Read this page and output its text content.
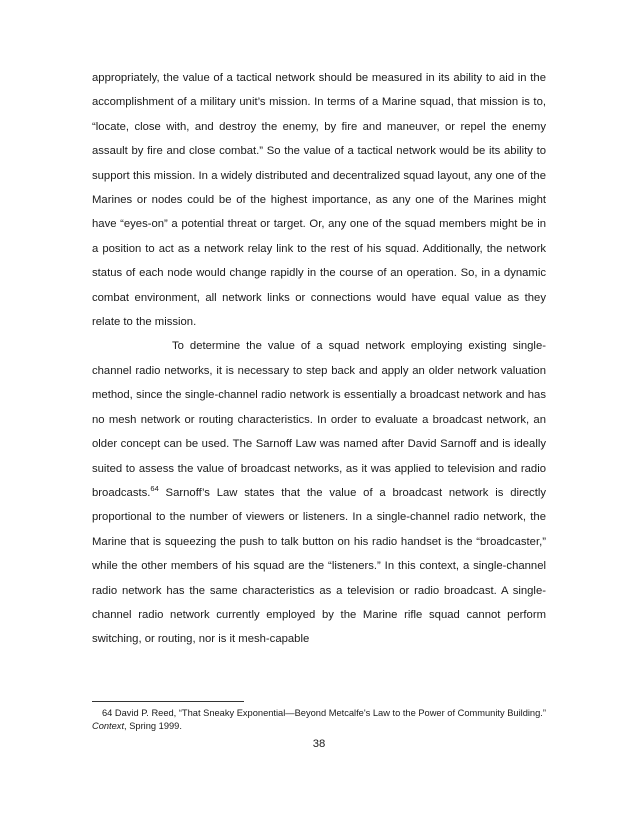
appropriately, the value of a tactical network should be measured in its ability to aid in the accomplishment of a military unit’s mission. In terms of a Marine squad, that mission is to, “locate, close with, and destroy the enemy, by fire and maneuver, or repel the enemy assault by fire and close combat.” So the value of a tactical network would be its ability to support this mission. In a widely distributed and decentralized squad layout, any one of the Marines or nodes could be of the highest importance, as any one of the Marines might have “eyes-on” a potential threat or target. Or, any one of the squad members might be in a position to act as a network relay link to the rest of his squad. Additionally, the network status of each node would change rapidly in the course of an operation. So, in a dynamic combat environment, all network links or connections would have equal value as they relate to the mission.

To determine the value of a squad network employing existing single-channel radio networks, it is necessary to step back and apply an older network valuation method, since the single-channel radio network is essentially a broadcast network and has no mesh network or routing characteristics. In order to evaluate a broadcast network, an older concept can be used. The Sarnoff Law was named after David Sarnoff and is ideally suited to assess the value of broadcast networks, as it was applied to television and radio broadcasts.$^{64}$ Sarnoff’s Law states that the value of a broadcast network is directly proportional to the number of viewers or listeners. In a single-channel radio network, the Marine that is squeezing the push to talk button on his radio handset is the “broadcaster,” while the other members of his squad are the “listeners.” In this context, a single-channel radio network has the same characteristics as a television or radio broadcast. A single-channel radio network currently employed by the Marine rifle squad cannot perform switching, or routing, nor is it mesh-capable

64 David P. Reed, “That Sneaky Exponential—Beyond Metcalfe's Law to the Power of Community Building.” Context, Spring 1999.
38
